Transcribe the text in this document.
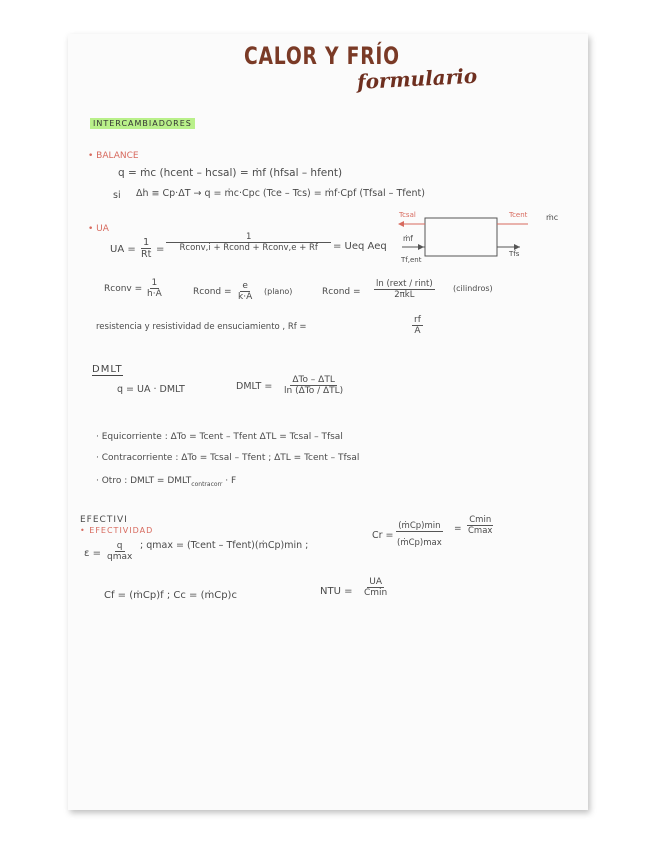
CALOR Y FRÍO
formulario
INTERCAMBIADORES
• BALANCE
q = ṁc (hcent – hcsal) = ṁf (hfsal – hfent)
si Δh ≡ Cp·ΔT → q = ṁc·Cpc (Tce – Tcs) = ṁf·Cpf (Tfsal – Tfent)
• UA
UA = $\frac{1}{Rt}$ =
1
Rconv,i + Rcond + Rconv,e + Rf = Ueq Aeq
Tcsal	Tcent ṁc
ṁf
Tf,ent
Tfs
Rconv = $\frac{1}{h\cdot A}$	Rcond = $\frac{e}{k\cdot A}$ (plano)	Rcond =
ln (rext / rint)
2πkL
(cilindros)
resistencia y resistividad de ensuciamiento , Rf =	$\frac{rf}{A}$
DMLT
q = UA · DMLT	DMLT =
ΔTo – ΔTL
ln (ΔTo / ΔTL)
· Equicorriente : ΔTo = Tcent – Tfent ΔTL = Tcsal – Tfsal
· Contracorriente : ΔTo = Tcsal – Tfent ; ΔTL = Tcent – Tfsal
· Otro : DMLT = $DMLT_{contracorr} \cdot F$
EFECTIVI
• EFECTIVIDAD
ε =
q
qmax
; qmax = (Tcent – Tfent)(ṁCp)min ;
Cr =
(ṁCp)min
(ṁCp)max
=
Cmin
Cmax
Cf = (ṁCp)f ; Cc = (ṁCp)c	NTU =
UA
Cmin
